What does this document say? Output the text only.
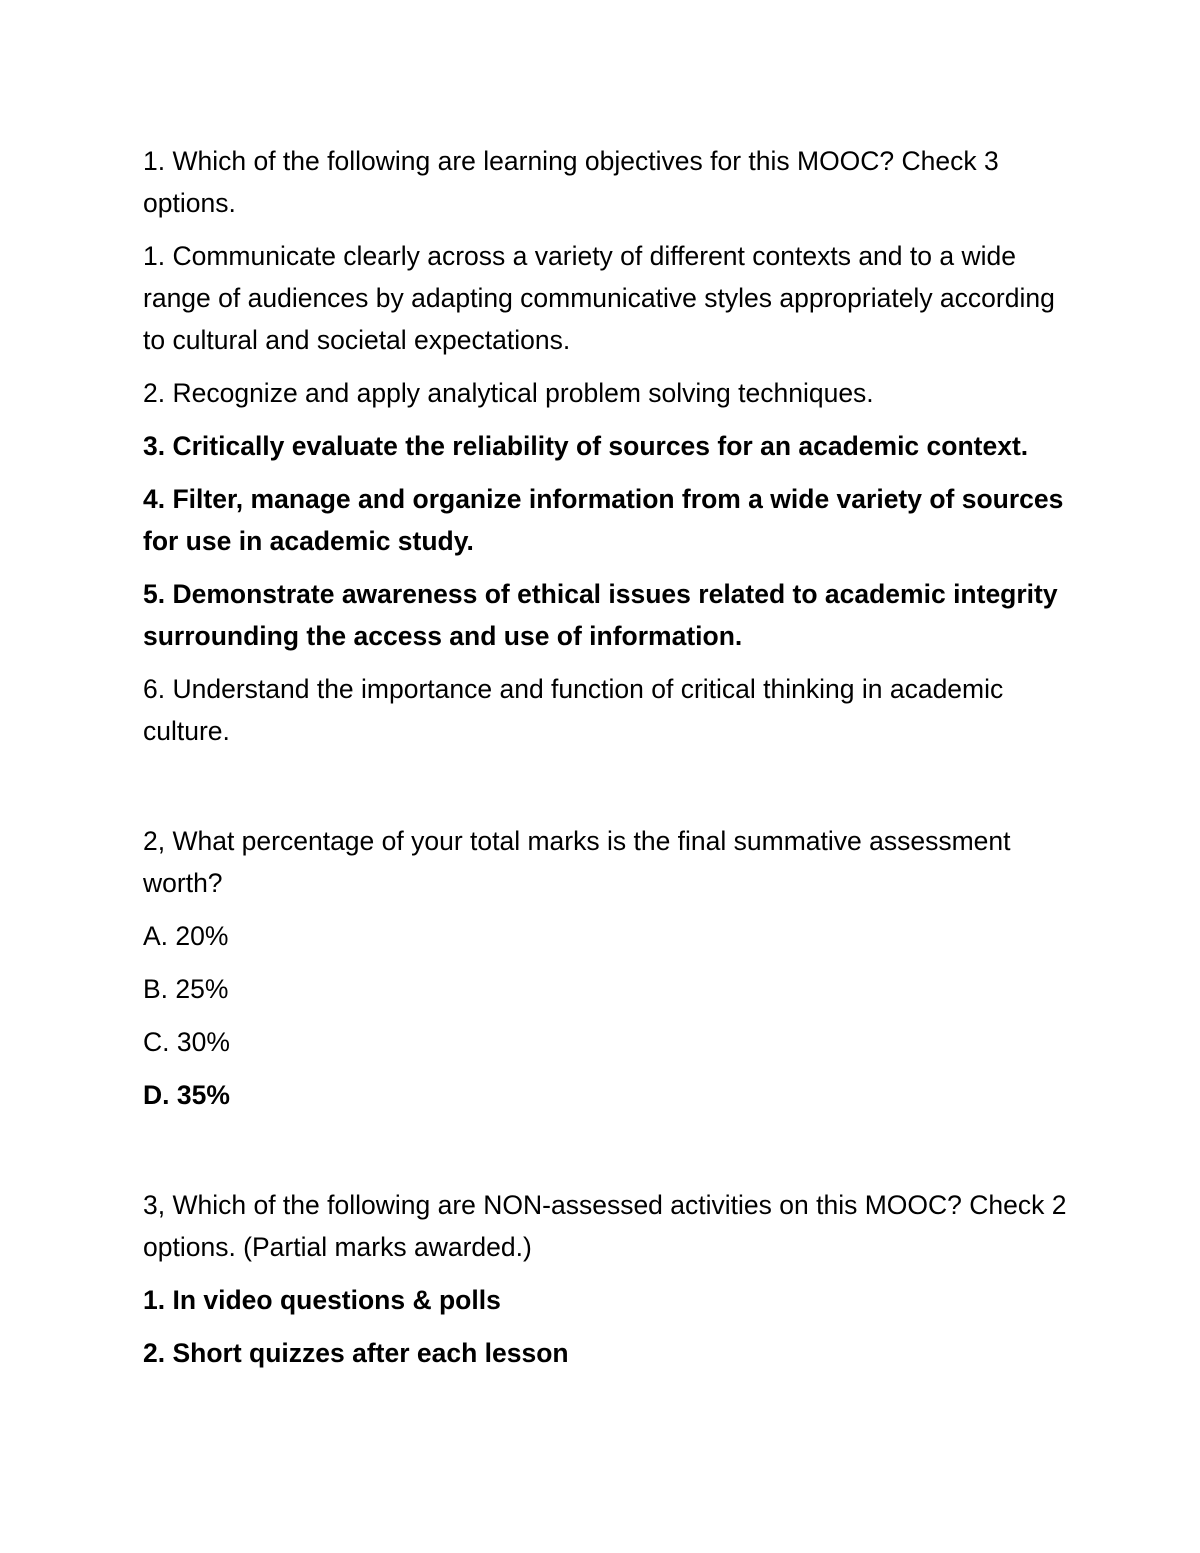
1. Which of the following are learning objectives for this MOOC? Check 3 options.

1. Communicate clearly across a variety of different contexts and to a wide range of audiences by adapting communicative styles appropriately according to cultural and societal expectations.

2. Recognize and apply analytical problem solving techniques.

3. Critically evaluate the reliability of sources for an academic context.

4. Filter, manage and organize information from a wide variety of sources for use in academic study.

5. Demonstrate awareness of ethical issues related to academic integrity surrounding the access and use of information.

6. Understand the importance and function of critical thinking in academic culture.

2, What percentage of your total marks is the final summative assessment worth?

A. 20%

B. 25%

C. 30%

D. 35%

3, Which of the following are NON-assessed activities on this MOOC? Check 2 options. (Partial marks awarded.)

1. In video questions & polls

2. Short quizzes after each lesson
